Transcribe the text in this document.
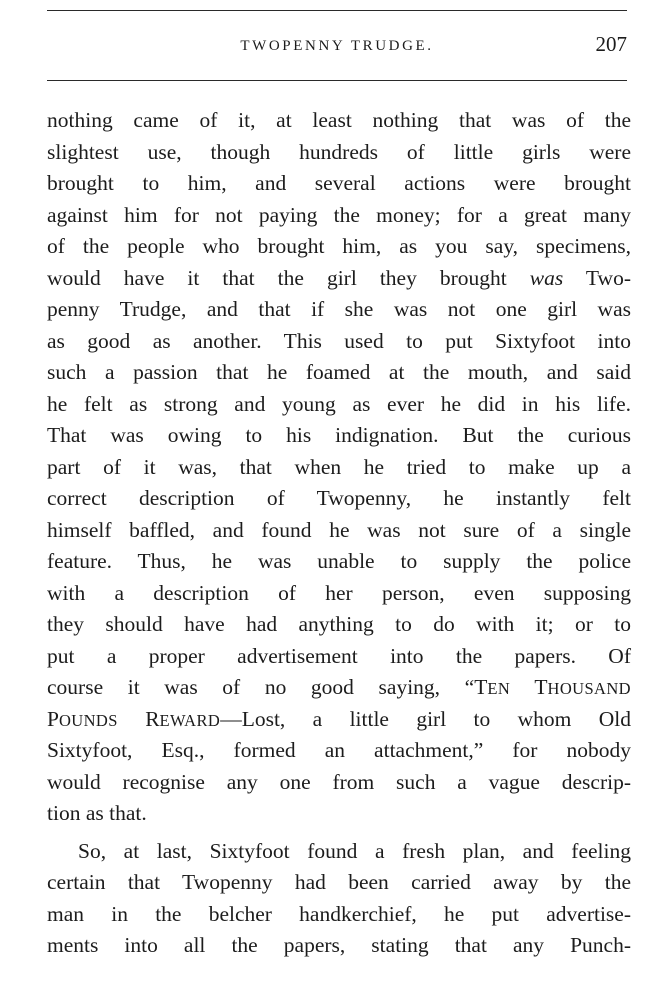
TWOPENNY TRUDGE.	207
nothing came of it, at least nothing that was of the
slightest use, though hundreds of little girls were
brought to him, and several actions were brought
against him for not paying the money; for a great many
of the people who brought him, as you say, specimens,
would have it that the girl they brought was Two-
penny Trudge, and that if she was not one girl was
as good as another. This used to put Sixtyfoot into
such a passion that he foamed at the mouth, and said
he felt as strong and young as ever he did in his life.
That was owing to his indignation. But the curious
part of it was, that when he tried to make up a
correct description of Twopenny, he instantly felt
himself baffled, and found he was not sure of a single
feature. Thus, he was unable to supply the police
with a description of her person, even supposing
they should have had anything to do with it; or to
put a proper advertisement into the papers. Of
course it was of no good saying, “TEN THOUSAND
POUNDS REWARD—Lost, a little girl to whom Old
Sixtyfoot, Esq., formed an attachment,” for nobody
would recognise any one from such a vague descrip-
tion as that.
So, at last, Sixtyfoot found a fresh plan, and feeling
certain that Twopenny had been carried away by the
man in the belcher handkerchief, he put advertise-
ments into all the papers, stating that any Punch-
